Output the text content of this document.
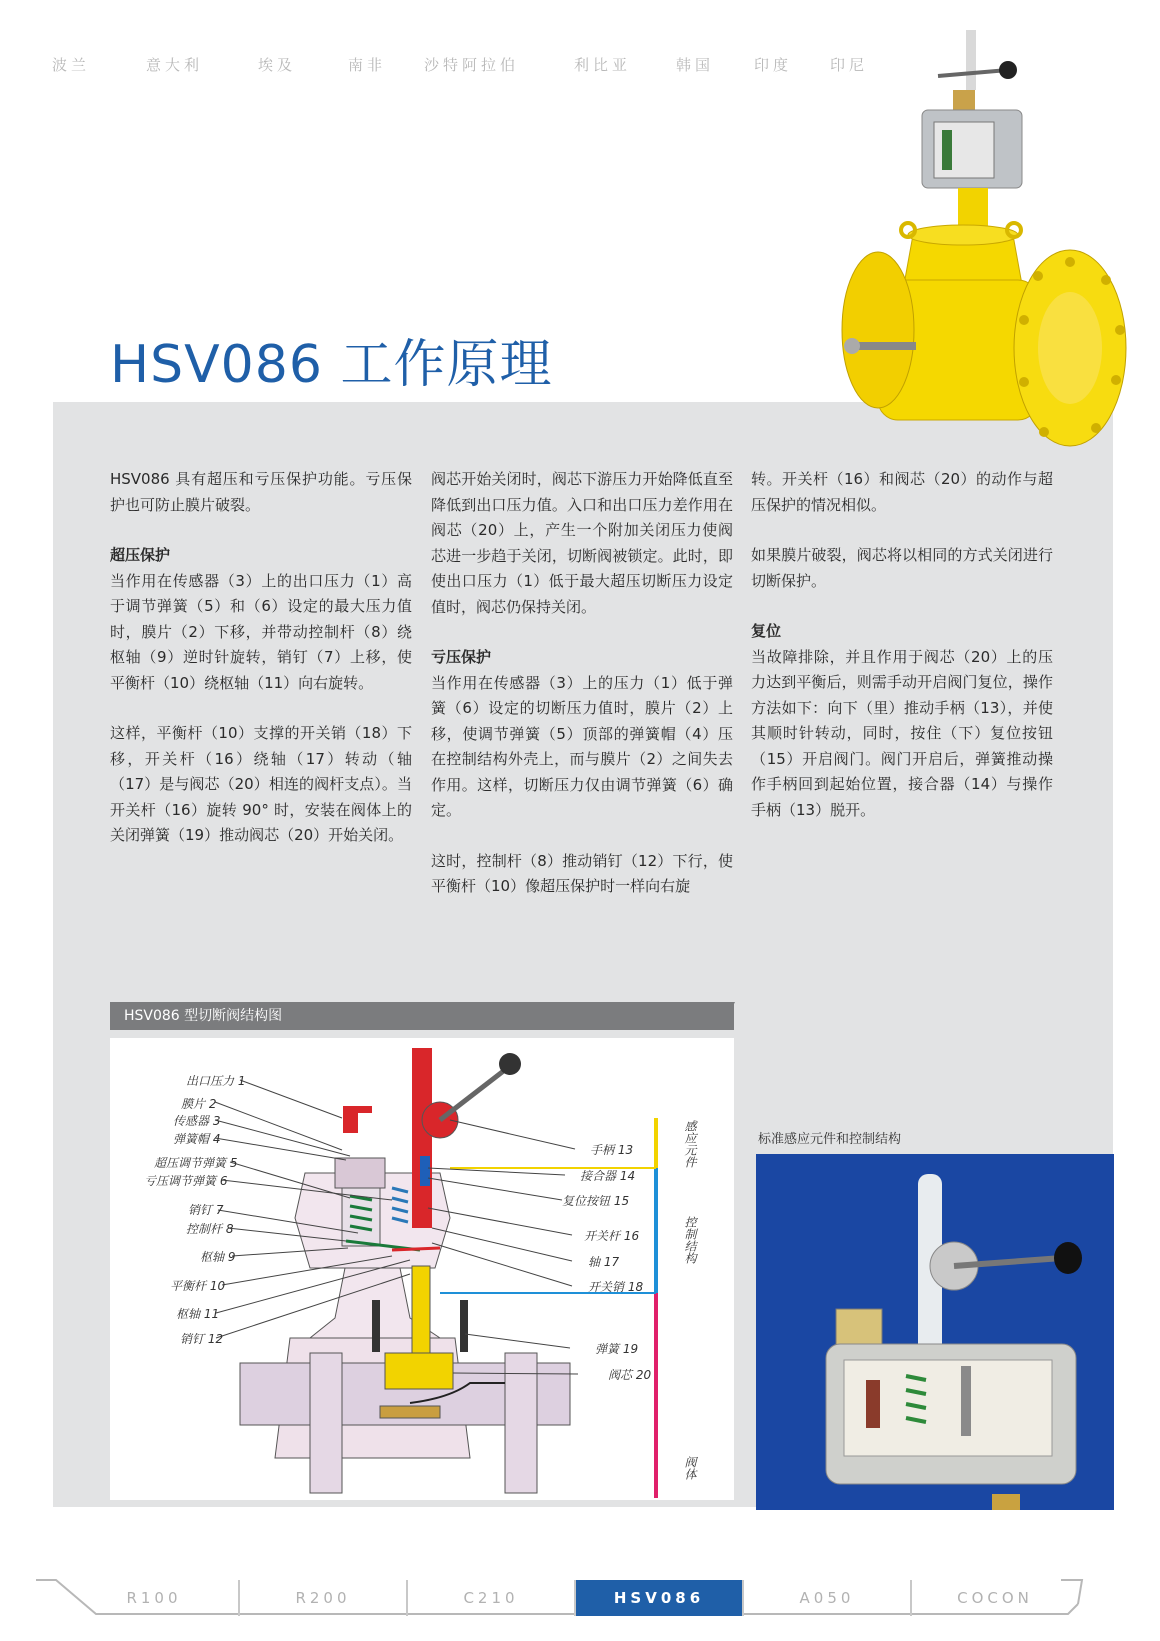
波兰	意大利	埃及	南非	沙特阿拉伯	利比亚	韩国	印度	印尼
HSV086 工作原理

HSV086 具有超压和亏压保护功能。亏压保护也可防止膜片破裂。

超压保护

当作用在传感器（3）上的出口压力（1）高于调节弹簧（5）和（6）设定的最大压力值时，膜片（2）下移，并带动控制杆（8）绕枢轴（9）逆时针旋转，销钉（7）上移，使平衡杆（10）绕枢轴（11）向右旋转。

这样，平衡杆（10）支撑的开关销（18）下移，开关杆（16）绕轴（17）转动（轴（17）是与阀芯（20）相连的阀杆支点）。当开关杆（16）旋转 90° 时，安装在阀体上的关闭弹簧（19）推动阀芯（20）开始关闭。

阀芯开始关闭时，阀芯下游压力开始降低直至降低到出口压力值。入口和出口压力差作用在阀芯（20）上，产生一个附加关闭压力使阀芯进一步趋于关闭，切断阀被锁定。此时，即使出口压力（1）低于最大超压切断压力设定值时，阀芯仍保持关闭。

亏压保护

当作用在传感器（3）上的压力（1）低于弹簧（6）设定的切断压力值时，膜片（2）上移，使调节弹簧（5）顶部的弹簧帽（4）压在控制结构外壳上，而与膜片（2）之间失去作用。这样，切断压力仅由调节弹簧（6）确定。

这时，控制杆（8）推动销钉（12）下行，使平衡杆（10）像超压保护时一样向右旋

转。开关杆（16）和阀芯（20）的动作与超压保护的情况相似。

如果膜片破裂，阀芯将以相同的方式关闭进行切断保护。

复位

当故障排除，并且作用于阀芯（20）上的压力达到平衡后，则需手动开启阀门复位，操作方法如下：向下（里）推动手柄（13），并使其顺时针转动，同时，按住（下）复位按钮（15）开启阀门。阀门开启后，弹簧推动操作手柄回到起始位置，接合器（14）与操作手柄（13）脱开。

HSV086 型切断阀结构图
出口压力 1
膜片 2
传感器 3
弹簧帽 4
超压调节弹簧 5
亏压调节弹簧 6
销钉 7
控制杆 8
枢轴 9
平衡杆 10
枢轴 11
销钉 12
手柄 13
接合器 14
复位按钮 15
开关杆 16
轴 17
开关销 18
弹簧 19
阀芯 20
感应元件
控制结构
阀体
标准感应元件和控制结构
R100	R200	C210	HSV086	A050	COCON
